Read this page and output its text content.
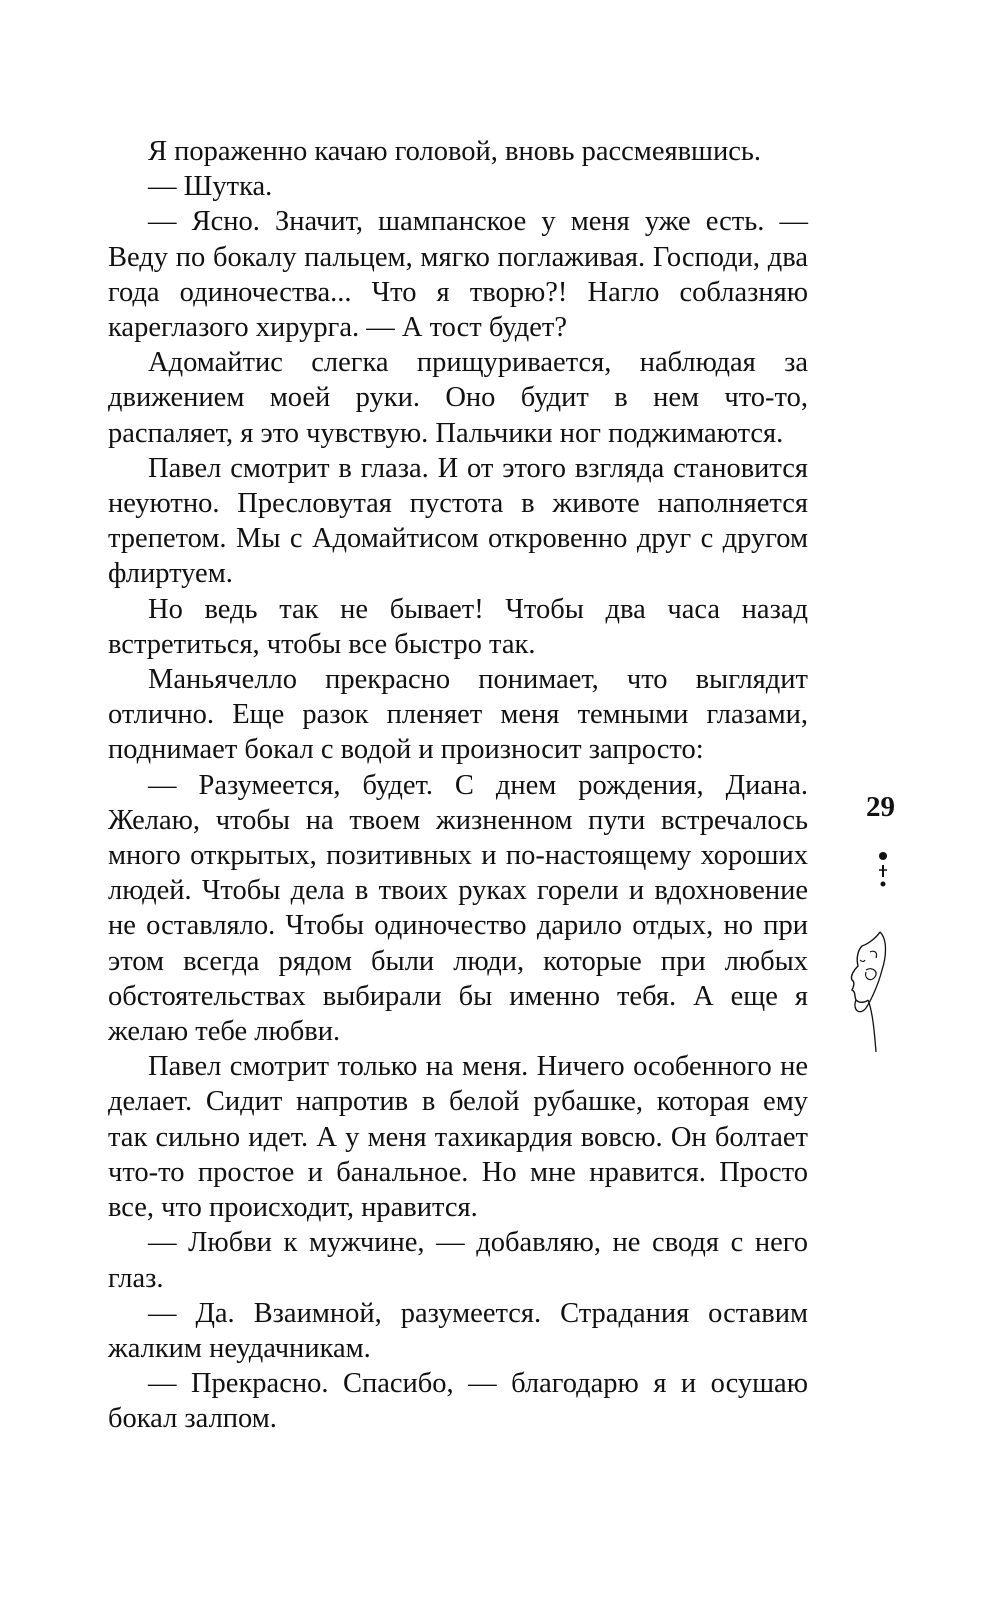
Я пораженно качаю головой, вновь рассмеявшись.

— Шутка.

— Ясно. Значит, шампанское у меня уже есть. — Веду по бокалу пальцем, мягко поглаживая. Господи, два года одиночества... Что я творю?! Нагло соблазняю кареглазого хирурга. — А тост будет?

Адомайтис слегка прищуривается, наблюдая за движением моей руки. Оно будит в нем что-то, распаляет, я это чувствую. Пальчики ног поджимаются.

Павел смотрит в глаза. И от этого взгляда становится неуютно. Пресловутая пустота в животе наполняется трепетом. Мы с Адомайтисом откровенно друг с другом флиртуем.

Но ведь так не бывает! Чтобы два часа назад встретиться, чтобы все быстро так.

Маньячелло прекрасно понимает, что выглядит отлично. Еще разок пленяет меня темными глазами, поднимает бокал с водой и произносит запросто:

— Разумеется, будет. С днем рождения, Диана. Желаю, чтобы на твоем жизненном пути встречалось много открытых, позитивных и по-настоящему хороших людей. Чтобы дела в твоих руках горели и вдохновение не оставляло. Чтобы одиночество дарило отдых, но при этом всегда рядом были люди, которые при любых обстоятельствах выбирали бы именно тебя. А еще я желаю тебе любви.

Павел смотрит только на меня. Ничего особенного не делает. Сидит напротив в белой рубашке, которая ему так сильно идет. А у меня тахикардия вовсю. Он болтает что-то простое и банальное. Но мне нравится. Просто все, что происходит, нравится.

— Любви к мужчине, — добавляю, не сводя с него глаз.

— Да. Взаимной, разумеется. Страдания оставим жалким неудачникам.

— Прекрасно. Спасибо, — благодарю я и осушаю бокал залпом.

29
